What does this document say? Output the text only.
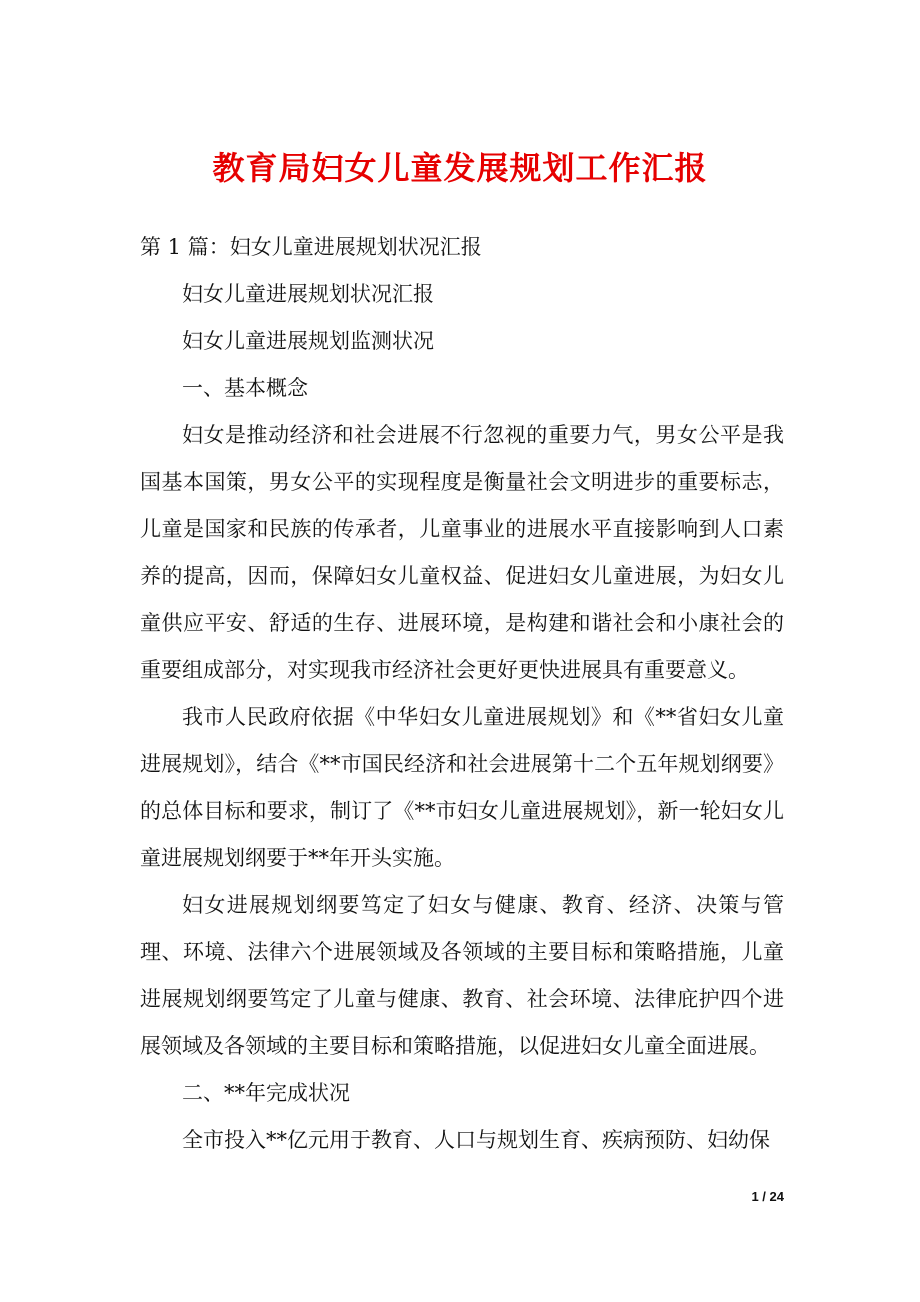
教育局妇女儿童发展规划工作汇报

第 1 篇：妇女儿童进展规划状况汇报

妇女儿童进展规划状况汇报

妇女儿童进展规划监测状况

一、基本概念

妇女是推动经济和社会进展不行忽视的重要力气，男女公平是我国基本国策，男女公平的实现程度是衡量社会文明进步的重要标志，儿童是国家和民族的传承者，儿童事业的进展水平直接影响到人口素养的提高，因而，保障妇女儿童权益、促进妇女儿童进展，为妇女儿童供应平安、舒适的生存、进展环境，是构建和谐社会和小康社会的重要组成部分，对实现我市经济社会更好更快进展具有重要意义。

我市人民政府依据《中华妇女儿童进展规划》和《**省妇女儿童进展规划》，结合《**市国民经济和社会进展第十二个五年规划纲要》的总体目标和要求，制订了《**市妇女儿童进展规划》，新一轮妇女儿童进展规划纲要于**年开头实施。

妇女进展规划纲要笃定了妇女与健康、教育、经济、决策与管理、环境、法律六个进展领域及各领域的主要目标和策略措施，儿童进展规划纲要笃定了儿童与健康、教育、社会环境、法律庇护四个进展领域及各领域的主要目标和策略措施，以促进妇女儿童全面进展。

二、**年完成状况

全市投入**亿元用于教育、人口与规划生育、疾病预防、妇幼保

1 / 24
